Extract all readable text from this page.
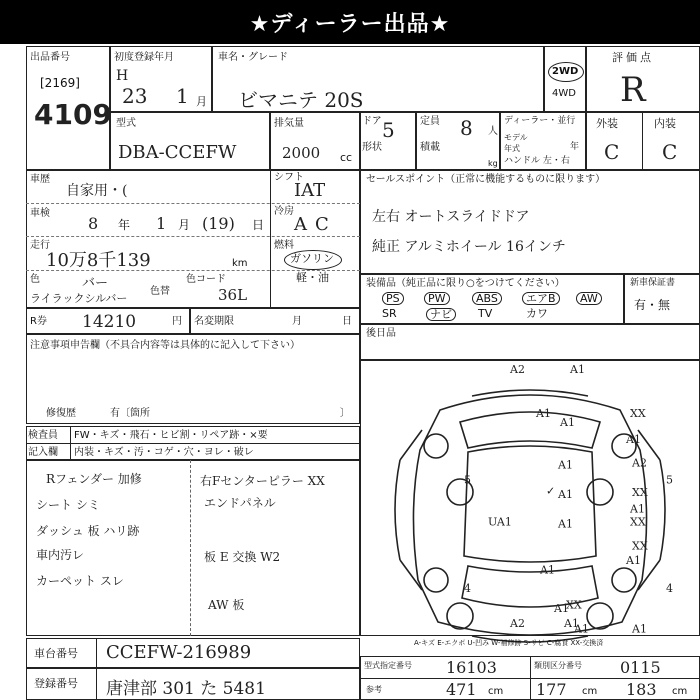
★ディーラー出品★
出品番号
[2169]
4109
初度登録年月
H
23 1 月
車名・グレード
ビマニテ 20S
2WD
4WD
評価点
R
型式
DBA-CCEFW
排気量
2000 cc
ドア 5
形状
定員 8 人
積載
kg
ディーラー・並行
モデル年式	年
ハンドル 左・右
外装	内装
C C
車歴
自家用・(
シフト
IAT
車検
8 年 1 月 (19) 日
冷房
AC
走行
10万8千139	km
燃料
ガソリン
軽・油
色	バー
ライラックシルバー
色替
色コード
36L
R券 14210	円 名変期限	月	日
注意事項申告欄（不具合内容等は具体的に記入して下さい）
修復歴	有〔箇所	〕
検査員 FW・キズ・飛石・ヒビ割・リペア跡・×要
記入欄 内装・キズ・汚・コゲ・穴・ヨレ・破レ
Rフェンダー 加修
シート シミ
ダッシュ 板 ハリ跡
車内汚レ
カーペット スレ
右Fセンターピラー XX
エンドパネル
板 E 交換 W2
AW 板
車台番号 CCEFW-216989
登録番号 唐津部 301 た 5481
セールスポイント（正常に機能するものに限ります）
左右 オートスライドドア
純正 アルミホイール 16インチ
装備品（純正品に限り○をつけてください）
PS	PW	ABS	エアB	AW
SR	ナビ	TV	カワ
新車保証書
有・無
後日品
A2	A1
A1
A1
XX
A1
A2
A1
A1	XX
UA1	A1
A1
XX
A1
XX
A1
A1
XX
A1
A2	A1	A1
5	5
4	4
✓
A-キズ E-エクボ U-凹み W-補修跡 S-サビ C-腐食 XX-交換済
型式指定番号 16103	類別区分番号 0115
参考	471 cm 177 cm 183 cm
